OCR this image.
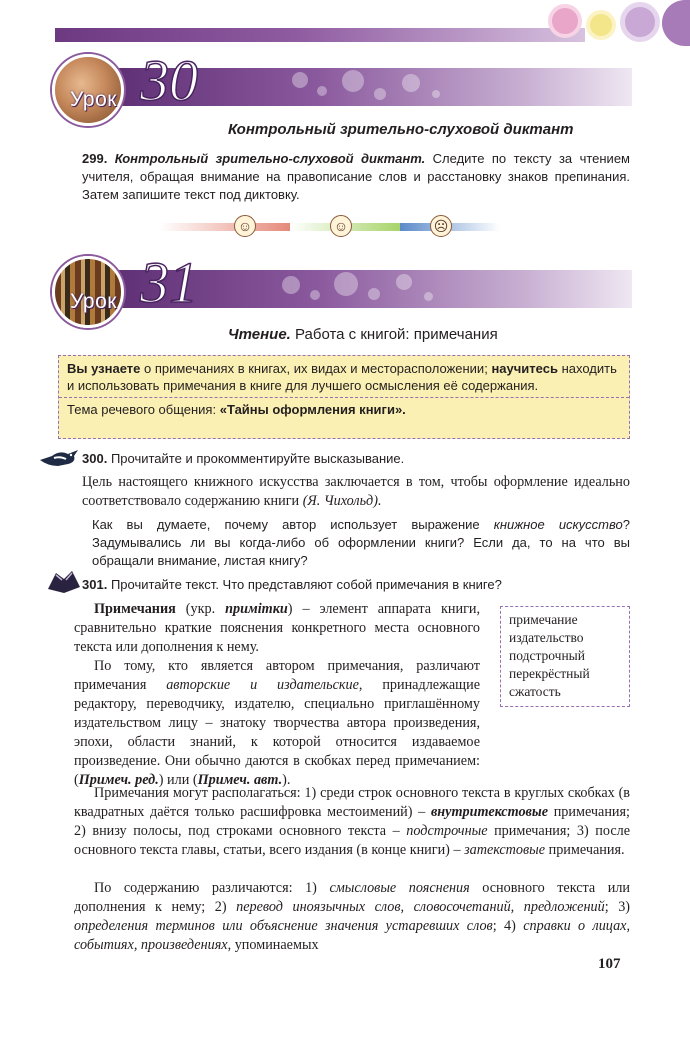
Урок 30
Контрольный зрительно-слуховой диктант
299. Контрольный зрительно-слуховой диктант. Следите по тексту за чтением учителя, обращая внимание на правописание слов и расстановку знаков препинания. Затем запишите текст под диктовку.
☺	☺	☹
Урок 31
Чтение. Работа с книгой: примечания
Вы узнаете о примечаниях в книгах, их видах и месторасположении; научитесь находить и использовать примечания в книге для лучшего осмысления её содержания.
Тема речевого общения: «Тайны оформления книги».
300. Прочитайте и прокомментируйте высказывание.
Цель настоящего книжного искусства заключается в том, чтобы оформление идеально соответствовало содержанию книги (Я. Чихольд).
Как вы думаете, почему автор использует выражение книжное искусство? Задумывались ли вы когда-либо об оформлении книги? Если да, то на что вы обращали внимание, листая книгу?
301. Прочитайте текст. Что представляют собой примечания в книге?
примечание
издательство
подстрочный
перекрёстный
сжатость

Примечания (укр. примітки) – элемент аппарата книги, сравнительно краткие пояснения конкретного места основного текста или дополнения к нему.

По тому, кто является автором примечания, различают примечания авторские и издательские, принадлежащие редактору, переводчику, издателю, специально приглашённому издательством лицу – знатоку творчества автора произведения, эпохи, области знаний, к которой относится издаваемое произведение. Они обычно даются в скобках перед примечанием: (Примеч. ред.) или (Примеч. авт.).

Примечания могут располагаться: 1) среди строк основного текста в круглых скобках (в квадратных даётся только расшифровка местоимений) – внутритекстовые примечания; 2) внизу полосы, под строками основного текста – подстрочные примечания; 3) после основного текста главы, статьи, всего издания (в конце книги) – затекстовые примечания.

По содержанию различаются: 1) смысловые пояснения основного текста или дополнения к нему; 2) перевод иноязычных слов, словосочетаний, предложений; 3) определения терминов или объяснение значения устаревших слов; 4) справки о лицах, событиях, произведениях, упоминаемых

107
